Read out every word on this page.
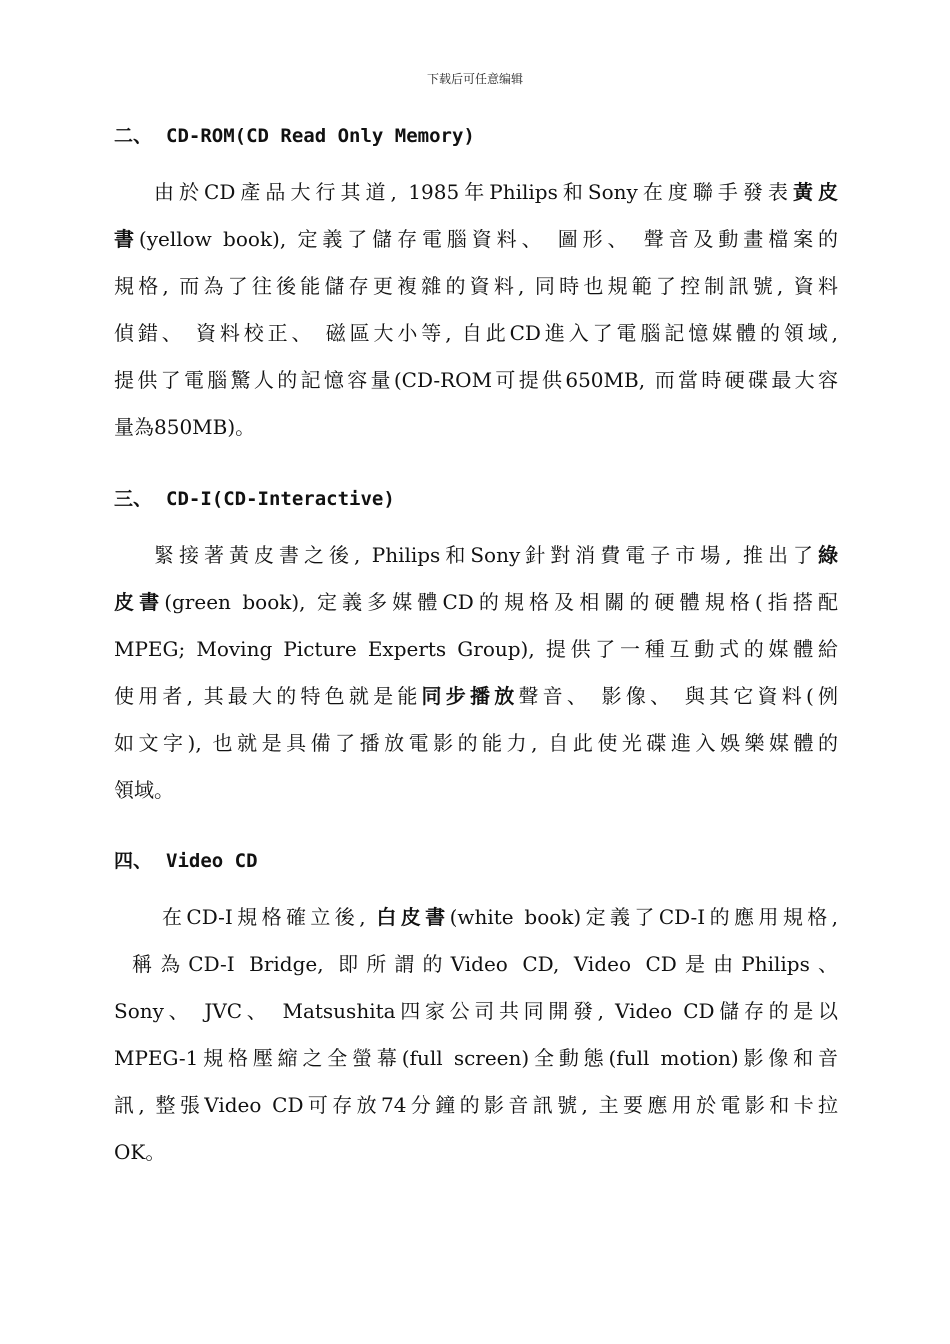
下载后可任意编辑
二、 CD-ROM(CD Read Only Memory)
由於CD產品大行其道, 1985年Philips和Sony在度聯手發表黃皮
書(yellow book), 定義了儲存電腦資料、 圖形、 聲音及動畫檔案的
規格, 而為了往後能儲存更複雜的資料, 同時也規範了控制訊號, 資料
偵錯、 資料校正、 磁區大小等, 自此CD進入了電腦記憶媒體的領域,
提供了電腦驚人的記憶容量(CD-ROM可提供650MB, 而當時硬碟最大容
量為850MB)。
三、 CD-I(CD-Interactive)
緊接著黃皮書之後, Philips和Sony針對消費電子市場, 推出了綠
皮書(green book), 定義多媒體CD的規格及相關的硬體規格(指搭配
MPEG; Moving Picture Experts Group), 提供了一種互動式的媒體給
使用者, 其最大的特色就是能同步播放聲音、 影像、 與其它資料(例
如文字), 也就是具備了播放電影的能力, 自此使光碟進入娛樂媒體的
領域。
四、 Video CD
在CD-I規格確立後, 白皮書(white book)定義了CD-I的應用規格,
稱為CD-I Bridge, 即所謂的Video CD, Video CD是由Philips、
Sony、 JVC、 Matsushita四家公司共同開發, Video CD儲存的是以
MPEG-1規格壓縮之全螢幕(full screen)全動態(full motion)影像和音
訊, 整張Video CD可存放74分鐘的影音訊號, 主要應用於電影和卡拉
OK。
